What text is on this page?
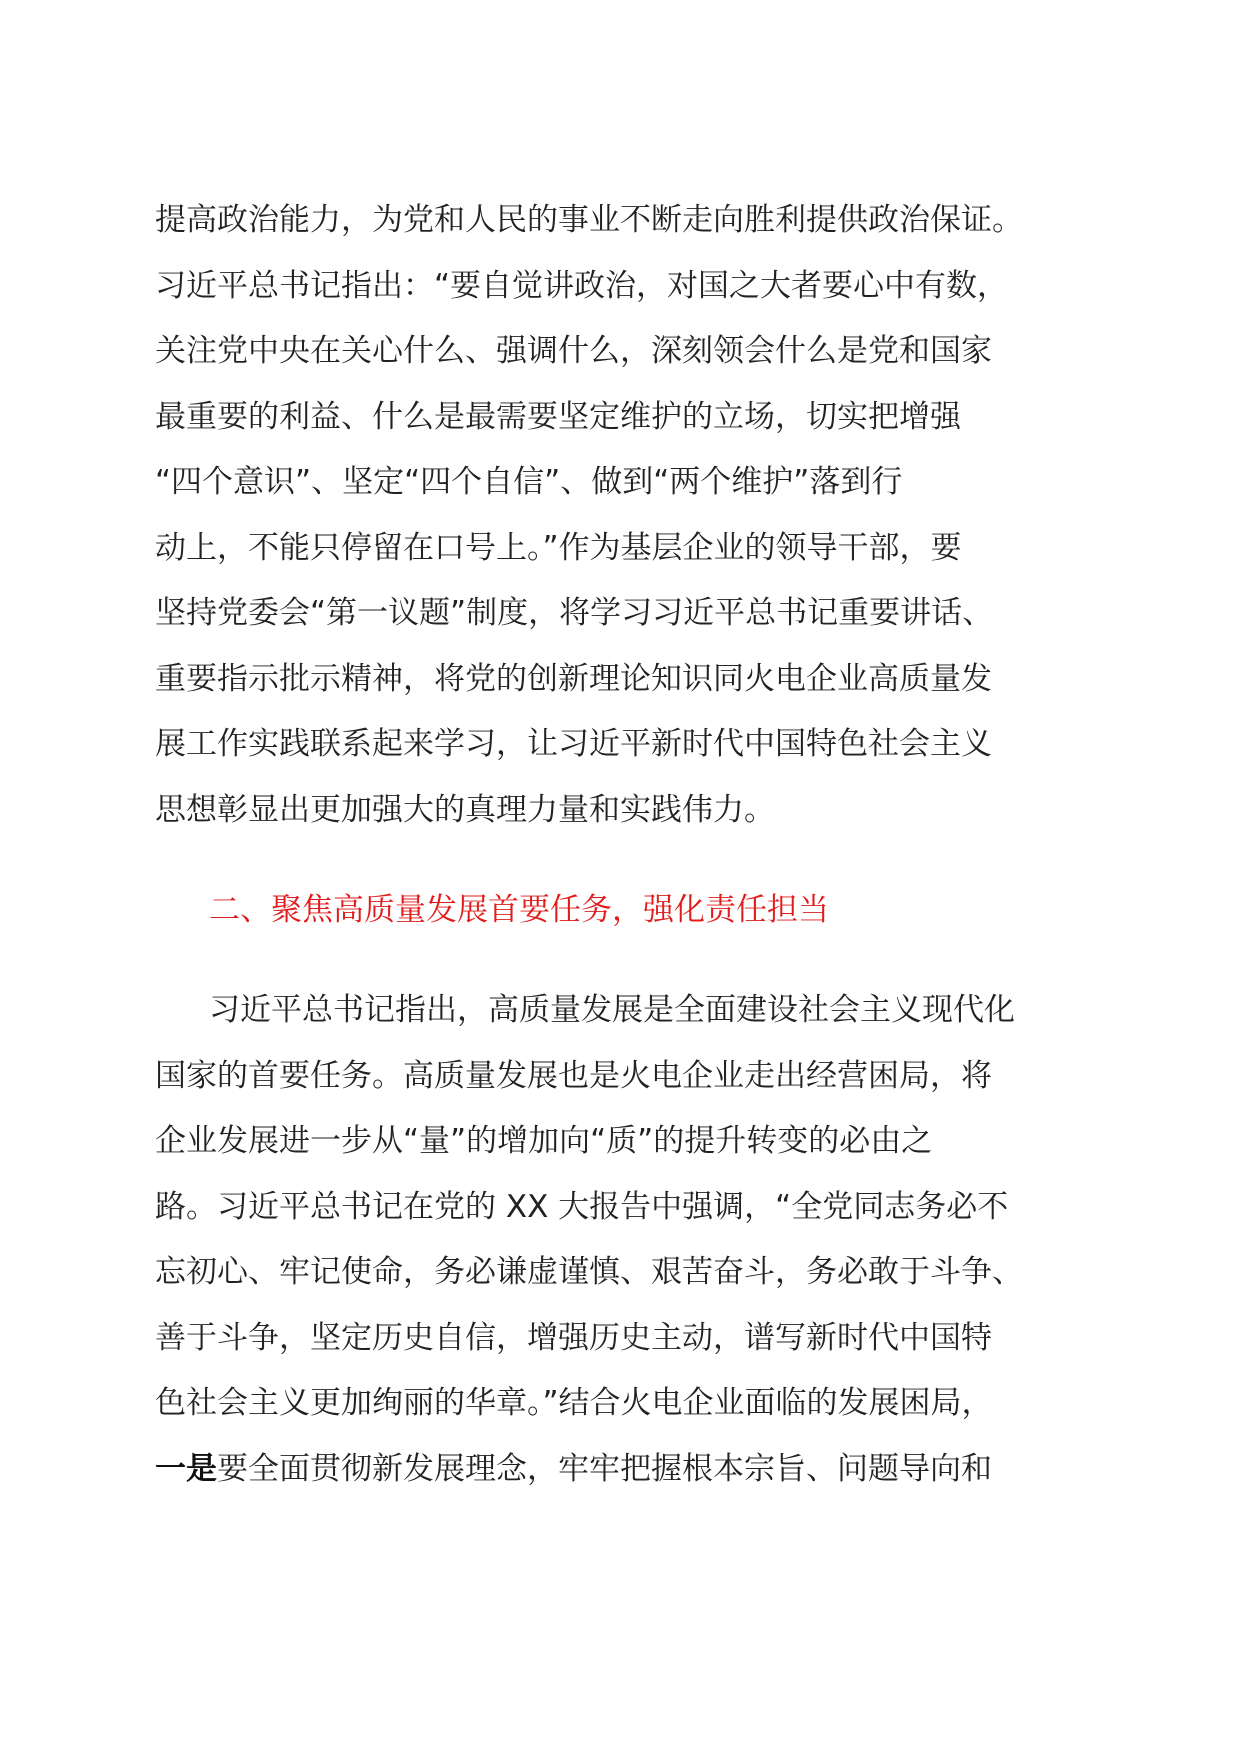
提高政治能力，为党和人民的事业不断走向胜利提供政治保证。
习近平总书记指出：“要自觉讲政治，对国之大者要心中有数，
关注党中央在关心什么、强调什么，深刻领会什么是党和国家
最重要的利益、什么是最需要坚定维护的立场，切实把增强
“四个意识”、坚定“四个自信”、做到“两个维护”落到行
动上，不能只停留在口号上。”作为基层企业的领导干部，要
坚持党委会“第一议题”制度，将学习习近平总书记重要讲话、
重要指示批示精神，将党的创新理论知识同火电企业高质量发
展工作实践联系起来学习，让习近平新时代中国特色社会主义
思想彰显出更加强大的真理力量和实践伟力。

二、聚焦高质量发展首要任务，强化责任担当

习近平总书记指出，高质量发展是全面建设社会主义现代化
国家的首要任务。高质量发展也是火电企业走出经营困局，将
企业发展进一步从“量”的增加向“质”的提升转变的必由之
路。习近平总书记在党的 XX 大报告中强调，“全党同志务必不
忘初心、牢记使命，务必谦虚谨慎、艰苦奋斗，务必敢于斗争、
善于斗争，坚定历史自信，增强历史主动，谱写新时代中国特
色社会主义更加绚丽的华章。”结合火电企业面临的发展困局，
一是要全面贯彻新发展理念，牢牢把握根本宗旨、问题导向和
